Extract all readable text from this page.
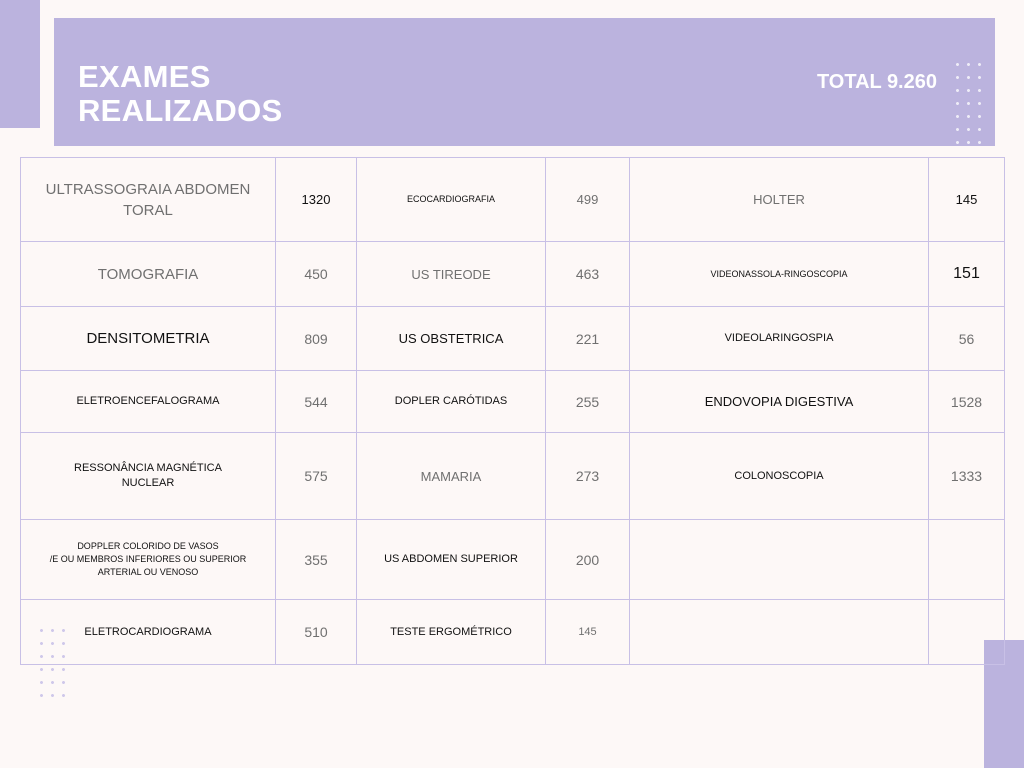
EXAMES
REALIZADOS
TOTAL 9.260
ULTRASSOGRAIA ABDOMEN TORAL	1320	ECOCARDIOGRAFIA	499	HOLTER	145
TOMOGRAFIA	450	US TIREODE	463	VIDEONASSOLA-RINGOSCOPIA	151
DENSITOMETRIA	809	US OBSTETRICA	221	VIDEOLARINGOSPIA	56
ELETROENCEFALOGRAMA	544	DOPLER CARÓTIDAS	255	ENDOVOPIA DIGESTIVA	1528
RESSONÂNCIA MAGNÉTICA
NUCLEAR	575	MAMARIA	273	COLONOSCOPIA	1333
DOPPLER COLORIDO DE VASOS
/E OU MEMBROS INFERIORES OU SUPERIOR
ARTERIAL OU VENOSO	355	US ABDOMEN SUPERIOR	200		
ELETROCARDIOGRAMA	510	TESTE ERGOMÉTRICO	145		
